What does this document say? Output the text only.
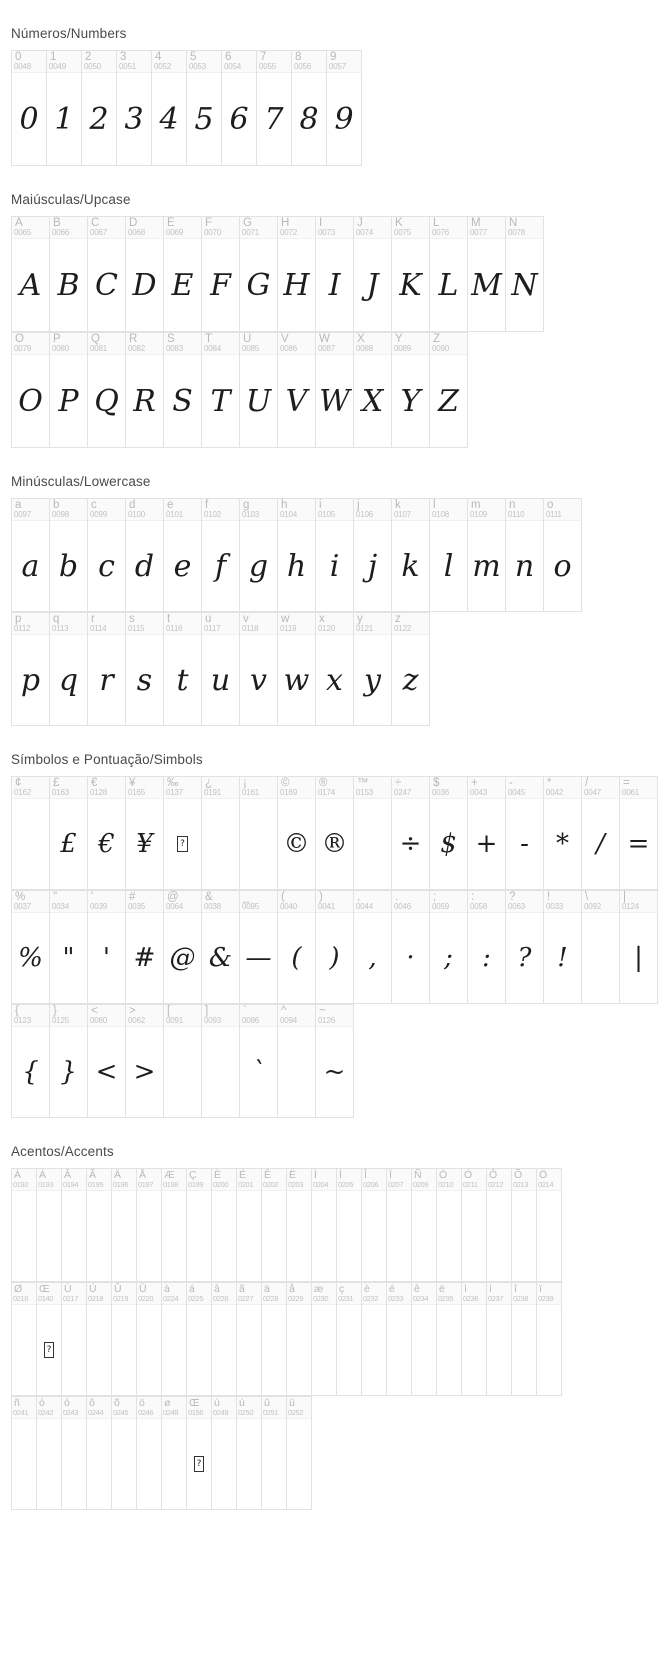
Números/Numbers
0
0048
0
1
0049
1
2
0050
2
3
0051
3
4
0052
4
5
0053
5
6
0054
6
7
0055
7
8
0056
8
9
0057
9
Maiúsculas/Upcase
A
0065
A
B
0066
B
C
0067
C
D
0068
D
E
0069
E
F
0070
F
G
0071
G
H
0072
H
I
0073
I
J
0074
J
K
0075
K
L
0076
L
M
0077
M
N
0078
N
O
0079
O
P
0080
P
Q
0081
Q
R
0082
R
S
0083
S
T
0084
T
U
0085
U
V
0086
V
W
0087
W
X
0088
X
Y
0089
Y
Z
0090
Z
Minúsculas/Lowercase
a
0097
a
b
0098
b
c
0099
c
d
0100
d
e
0101
e
f
0102
f
g
0103
g
h
0104
h
i
0105
i
j
0106
j
k
0107
k
l
0108
l
m
0109
m
n
0110
n
o
0111
o
p
0112
p
q
0113
q
r
0114
r
s
0115
s
t
0116
t
u
0117
u
v
0118
v
w
0119
w
x
0120
x
y
0121
y
z
0122
z
Símbolos e Pontuação/Simbols
¢
0162
£
0163
£
€
0128
€
¥
0165
¥
‰
0137
?
¿
0191
¡
0161
©
0169
©
®
0174
®
™
0153
÷
0247
÷
$
0036
$
+
0043
+
-
0045
-
*
0042
*
/
0047
/
=
0061
=
%
0037
%
"
0034
"
'
0039
'
#
0035
#
@
0064
@
&
0038
&
_
0095
—
(
0040
(
)
0041
)
,
0044
,
.
0046
·
;
0059
;
:
0058
:
?
0063
?
!
0033
!
\
0092
|
0124
|
{
0123
{
}
0125
}
<
0060
<
>
0062
>
[
0091
]
0093
`
0096
`
^
0094
~
0126
~
Acentos/Accents
À
0192
Á
0193
Â
0194
Ã
0195
Ä
0196
Å
0197
Æ
0198
Ç
0199
È
0200
É
0201
Ê
0202
Ë
0203
Ì
0204
Í
0205
Î
0206
Ï
0207
Ñ
0209
Ò
0210
Ó
0211
Ô
0212
Õ
0213
Ö
0214
Ø
0216
Œ
0140
?
Ù
0217
Ú
0218
Û
0219
Ü
0220
à
0224
á
0225
â
0226
ã
0227
ä
0228
å
0229
æ
0230
ç
0231
è
0232
é
0233
ê
0234
ë
0235
ì
0236
í
0237
î
0238
ï
0239
ñ
0241
ò
0242
ó
0243
ô
0244
õ
0245
ö
0246
ø
0248
Œ
0156
?
ù
0249
ú
0250
û
0251
ü
0252
